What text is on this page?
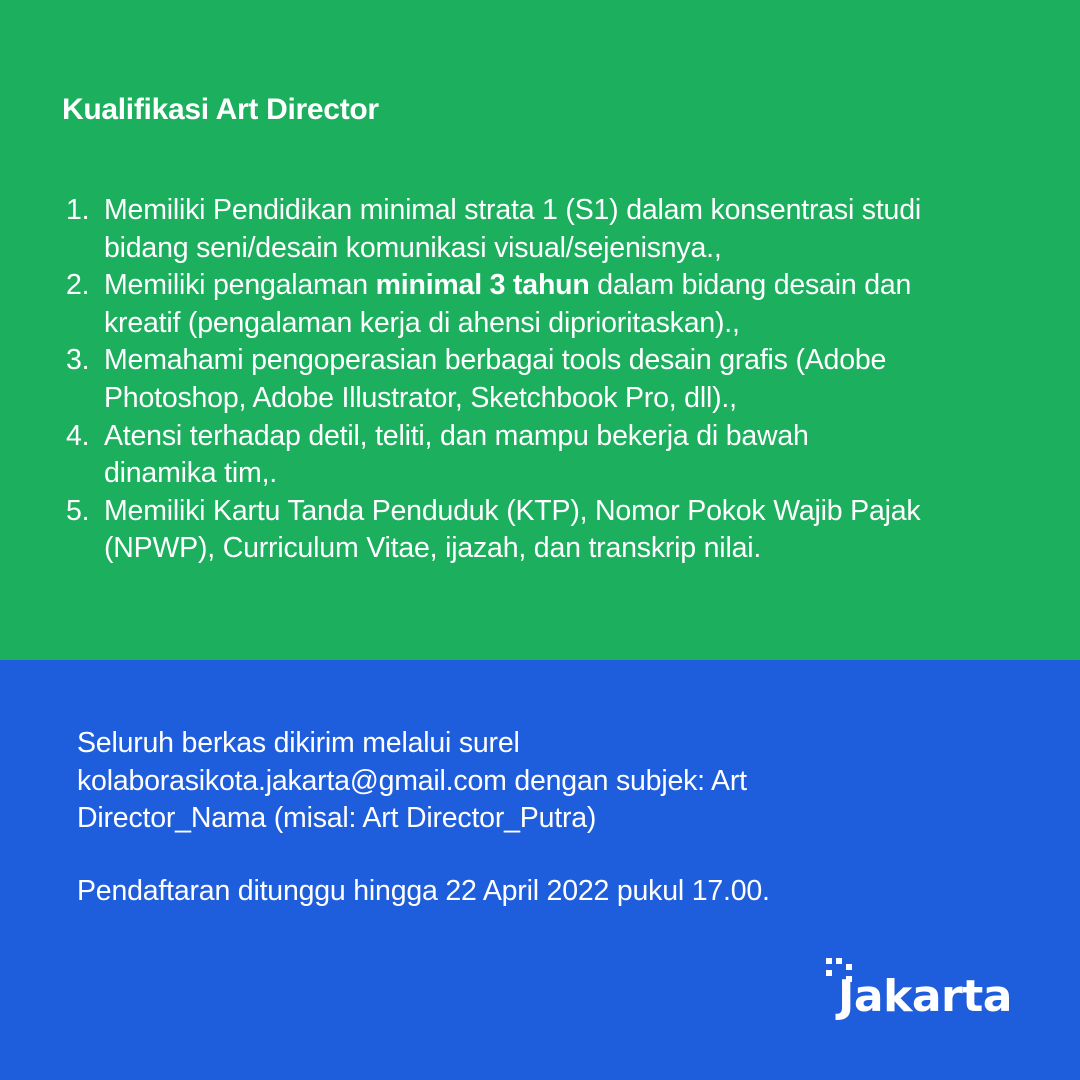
Kualifikasi Art Director
1. Memiliki Pendidikan minimal strata 1 (S1) dalam konsentrasi studi
bidang seni/desain komunikasi visual/sejenisnya.,
2. Memiliki pengalaman minimal 3 tahun dalam bidang desain dan
kreatif (pengalaman kerja di ahensi diprioritaskan).,
3. Memahami pengoperasian berbagai tools desain grafis (Adobe
Photoshop, Adobe Illustrator, Sketchbook Pro, dll).,
4. Atensi terhadap detil, teliti, dan mampu bekerja di bawah
dinamika tim,.
5. Memiliki Kartu Tanda Penduduk (KTP), Nomor Pokok Wajib Pajak
(NPWP), Curriculum Vitae, ijazah, dan transkrip nilai.

Seluruh berkas dikirim melalui surel
kolaborasikota.jakarta@gmail.com dengan subjek: Art
Director_Nama (misal: Art Director_Putra)

Pendaftaran ditunggu hingga 22 April 2022 pukul 17.00.

Jakarta
